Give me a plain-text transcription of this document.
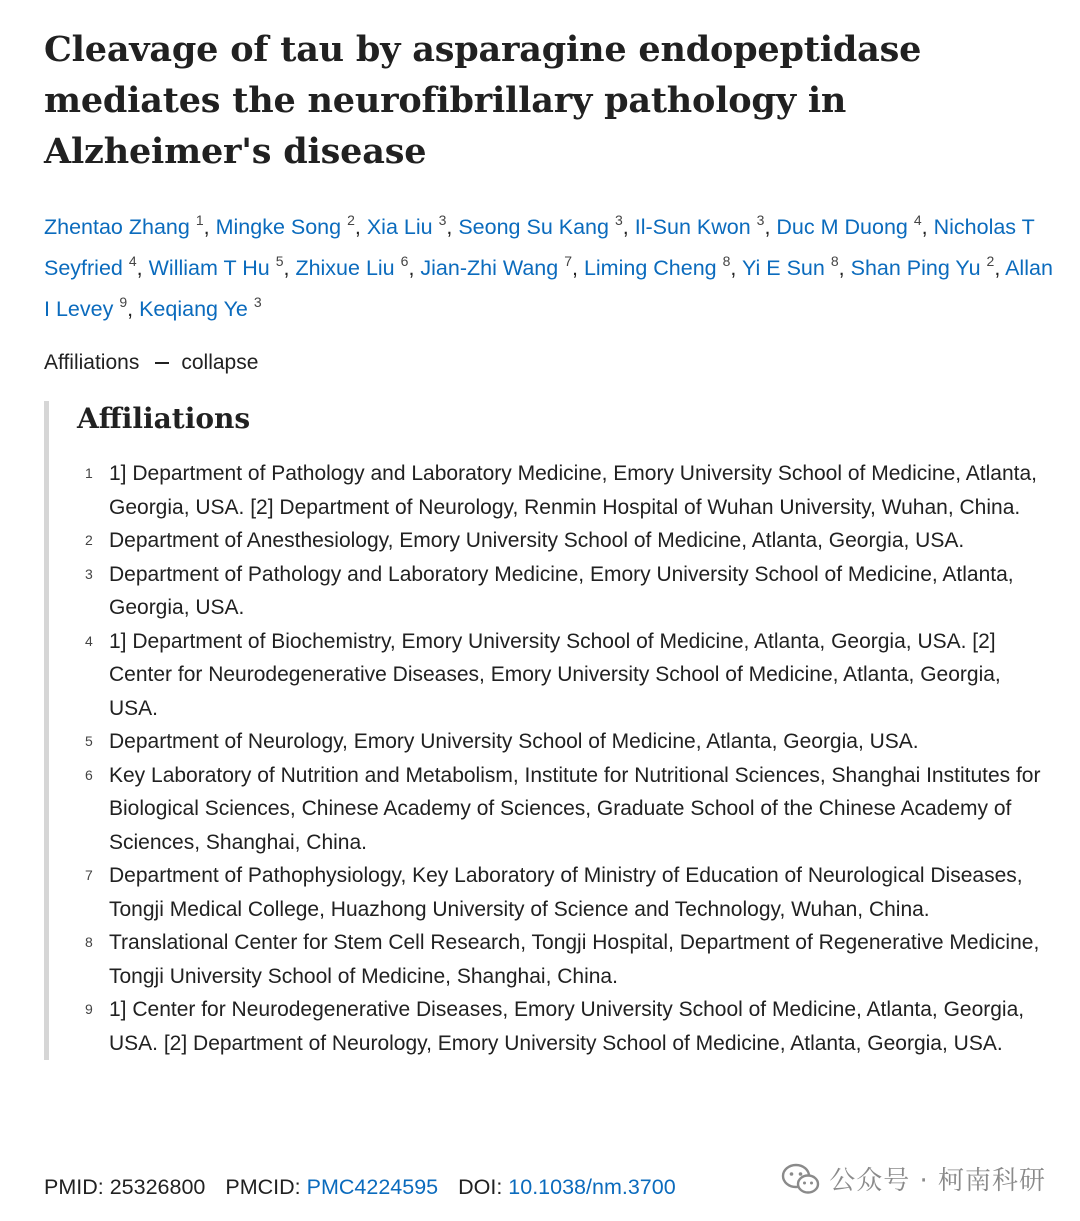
Cleavage of tau by asparagine endopeptidase mediates the neurofibrillary pathology in Alzheimer's disease
Zhentao Zhang $^1$, Mingke Song $^2$, Xia Liu $^3$, Seong Su Kang $^3$, Il-Sun Kwon $^3$, Duc M Duong $^4$, Nicholas T Seyfried $^4$, William T Hu $^5$, Zhixue Liu $^6$, Jian-Zhi Wang $^7$, Liming Cheng $^8$, Yi E Sun $^8$, Shan Ping Yu $^2$, Allan I Levey $^9$, Keqiang Ye $^3$
Affiliations collapse
Affiliations
1 1] Department of Pathology and Laboratory Medicine, Emory University School of Medicine, Atlanta, Georgia, USA. [2] Department of Neurology, Renmin Hospital of Wuhan University, Wuhan, China.
2 Department of Anesthesiology, Emory University School of Medicine, Atlanta, Georgia, USA.
3 Department of Pathology and Laboratory Medicine, Emory University School of Medicine, Atlanta, Georgia, USA.
4 1] Department of Biochemistry, Emory University School of Medicine, Atlanta, Georgia, USA. [2] Center for Neurodegenerative Diseases, Emory University School of Medicine, Atlanta, Georgia, USA.
5 Department of Neurology, Emory University School of Medicine, Atlanta, Georgia, USA.
6 Key Laboratory of Nutrition and Metabolism, Institute for Nutritional Sciences, Shanghai Institutes for Biological Sciences, Chinese Academy of Sciences, Graduate School of the Chinese Academy of Sciences, Shanghai, China.
7 Department of Pathophysiology, Key Laboratory of Ministry of Education of Neurological Diseases, Tongji Medical College, Huazhong University of Science and Technology, Wuhan, China.
8 Translational Center for Stem Cell Research, Tongji Hospital, Department of Regenerative Medicine, Tongji University School of Medicine, Shanghai, China.
9 1] Center for Neurodegenerative Diseases, Emory University School of Medicine, Atlanta, Georgia, USA. [2] Department of Neurology, Emory University School of Medicine, Atlanta, Georgia, USA.
PMID:
25326800 PMCID:
PMC4224595 DOI:
10.1038/nm.3700	公众号 · 柯南科研
